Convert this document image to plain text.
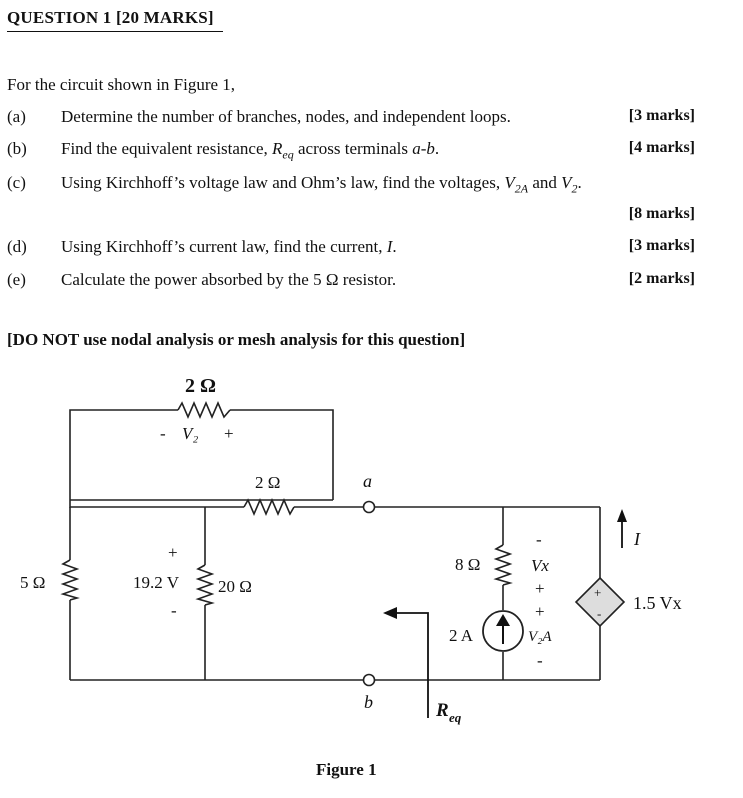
QUESTION 1 [20 MARKS]
For the circuit shown in Figure 1,
(a) Determine the number of branches, nodes, and independent loops.	[3 marks]
(b) Find the equivalent resistance, $R_{eq}$ across terminals a-b.	[4 marks]
(c) Using Kirchhoff’s voltage law and Ohm’s law, find the voltages, $V_{2A}$ and $V_2$.
[8 marks]
(d) Using Kirchhoff’s current law, find the current, I.	[3 marks]
(e) Calculate the power absorbed by the 5 Ω resistor.	[2 marks]
[DO NOT use nodal analysis or mesh analysis for this question]
2 Ω
- V₂ +
2 Ω	a
b
5 Ω
+
19.2 V
-
20 Ω
8 Ω
-
Vx
+
2 A
+
V₂A
-
+
-
1.5 Vx
I
R eq
Figure 1
